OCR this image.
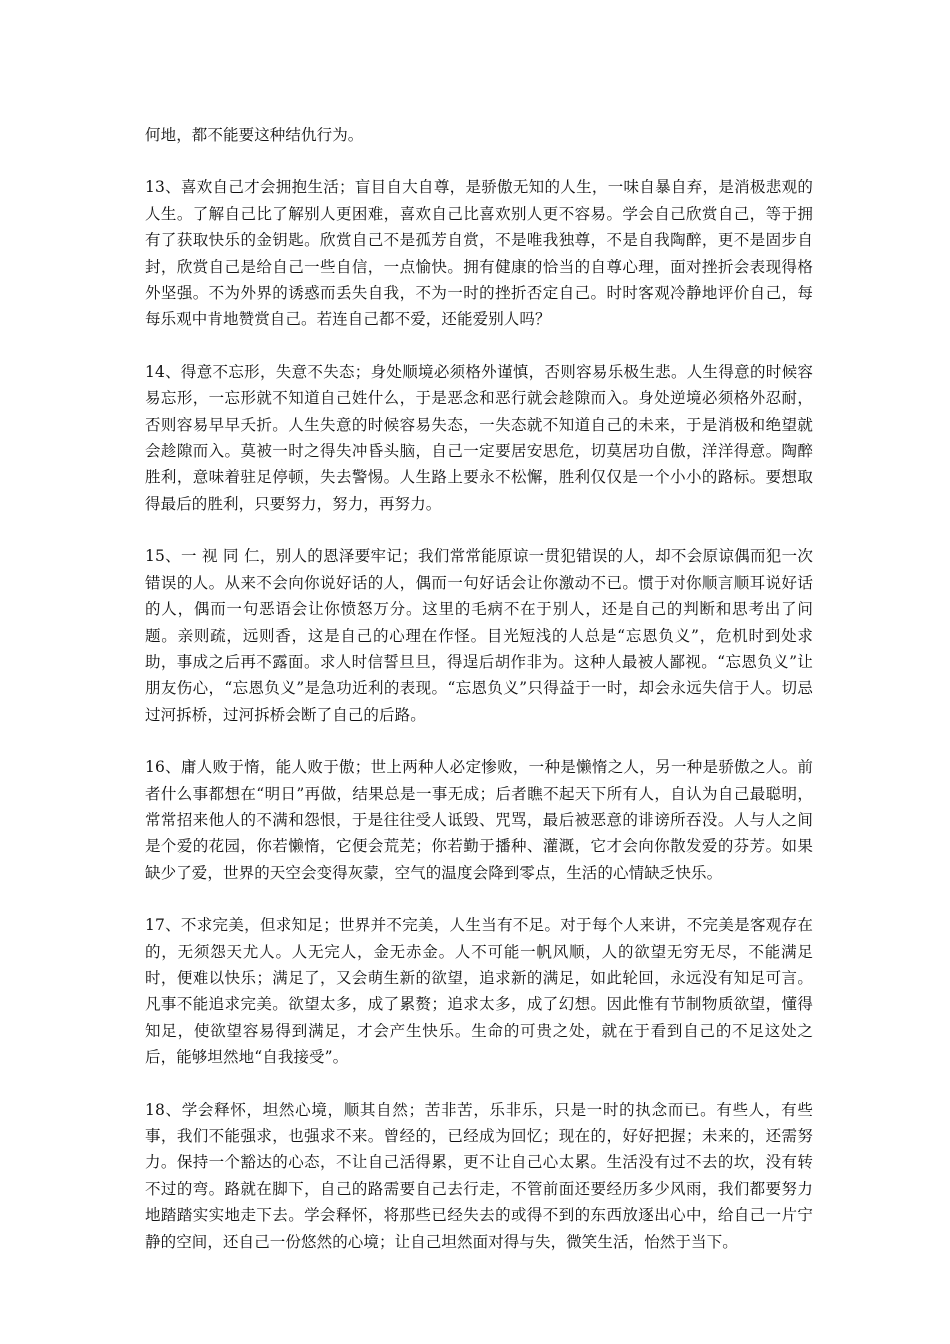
何地，都不能要这种结仇行为。

13、喜欢自己才会拥抱生活；盲目自大自尊，是骄傲无知的人生，一味自暴自弃，是消极悲观的人生。了解自己比了解别人更困难，喜欢自己比喜欢别人更不容易。学会自己欣赏自己，等于拥有了获取快乐的金钥匙。欣赏自己不是孤芳自赏，不是唯我独尊，不是自我陶醉，更不是固步自封，欣赏自己是给自己一些自信，一点愉快。拥有健康的恰当的自尊心理，面对挫折会表现得格外坚强。不为外界的诱惑而丢失自我，不为一时的挫折否定自己。时时客观冷静地评价自己，每每乐观中肯地赞赏自己。若连自己都不爱，还能爱别人吗？

14、得意不忘形，失意不失态；身处顺境必须格外谨慎，否则容易乐极生悲。人生得意的时候容易忘形，一忘形就不知道自己姓什么，于是恶念和恶行就会趁隙而入。身处逆境必须格外忍耐，否则容易早早夭折。人生失意的时候容易失态，一失态就不知道自己的未来，于是消极和绝望就会趁隙而入。莫被一时之得失冲昏头脑，自己一定要居安思危，切莫居功自傲，洋洋得意。陶醉胜利，意味着驻足停顿，失去警惕。人生路上要永不松懈，胜利仅仅是一个小小的路标。要想取得最后的胜利，只要努力，努力，再努力。

15、一 视 同 仁，别人的恩泽要牢记；我们常常能原谅一贯犯错误的人，却不会原谅偶而犯一次错误的人。从来不会向你说好话的人，偶而一句好话会让你激动不已。惯于对你顺言顺耳说好话的人，偶而一句恶语会让你愤怒万分。这里的毛病不在于别人，还是自己的判断和思考出了问题。亲则疏，远则香，这是自己的心理在作怪。目光短浅的人总是“忘恩负义”，危机时到处求助，事成之后再不露面。求人时信誓旦旦，得逞后胡作非为。这种人最被人鄙视。“忘恩负义”让朋友伤心，“忘恩负义”是急功近利的表现。“忘恩负义”只得益于一时，却会永远失信于人。切忌过河拆桥，过河拆桥会断了自己的后路。

16、庸人败于惰，能人败于傲；世上两种人必定惨败，一种是懒惰之人，另一种是骄傲之人。前者什么事都想在“明日”再做，结果总是一事无成；后者瞧不起天下所有人，自认为自己最聪明，常常招来他人的不满和怨恨，于是往往受人诋毁、咒骂，最后被恶意的诽谤所吞没。人与人之间是个爱的花园，你若懒惰，它便会荒芜；你若勤于播种、灌溉，它才会向你散发爱的芬芳。如果缺少了爱，世界的天空会变得灰蒙，空气的温度会降到零点，生活的心情缺乏快乐。

17、不求完美，但求知足；世界并不完美，人生当有不足。对于每个人来讲，不完美是客观存在的，无须怨天尤人。人无完人，金无赤金。人不可能一帆风顺，人的欲望无穷无尽，不能满足时，便难以快乐；满足了，又会萌生新的欲望，追求新的满足，如此轮回，永远没有知足可言。凡事不能追求完美。欲望太多，成了累赘；追求太多，成了幻想。因此惟有节制物质欲望，懂得知足，使欲望容易得到满足，才会产生快乐。生命的可贵之处，就在于看到自己的不足这处之后，能够坦然地“自我接受”。

18、学会释怀，坦然心境，顺其自然；苦非苦，乐非乐，只是一时的执念而已。有些人，有些事，我们不能强求，也强求不来。曾经的，已经成为回忆；现在的，好好把握；未来的，还需努力。保持一个豁达的心态，不让自己活得累，更不让自己心太累。生活没有过不去的坎，没有转不过的弯。路就在脚下，自己的路需要自己去行走，不管前面还要经历多少风雨，我们都要努力地踏踏实实地走下去。学会释怀，将那些已经失去的或得不到的东西放逐出心中，给自己一片宁静的空间，还自己一份悠然的心境；让自己坦然面对得与失，微笑生活，怡然于当下。
